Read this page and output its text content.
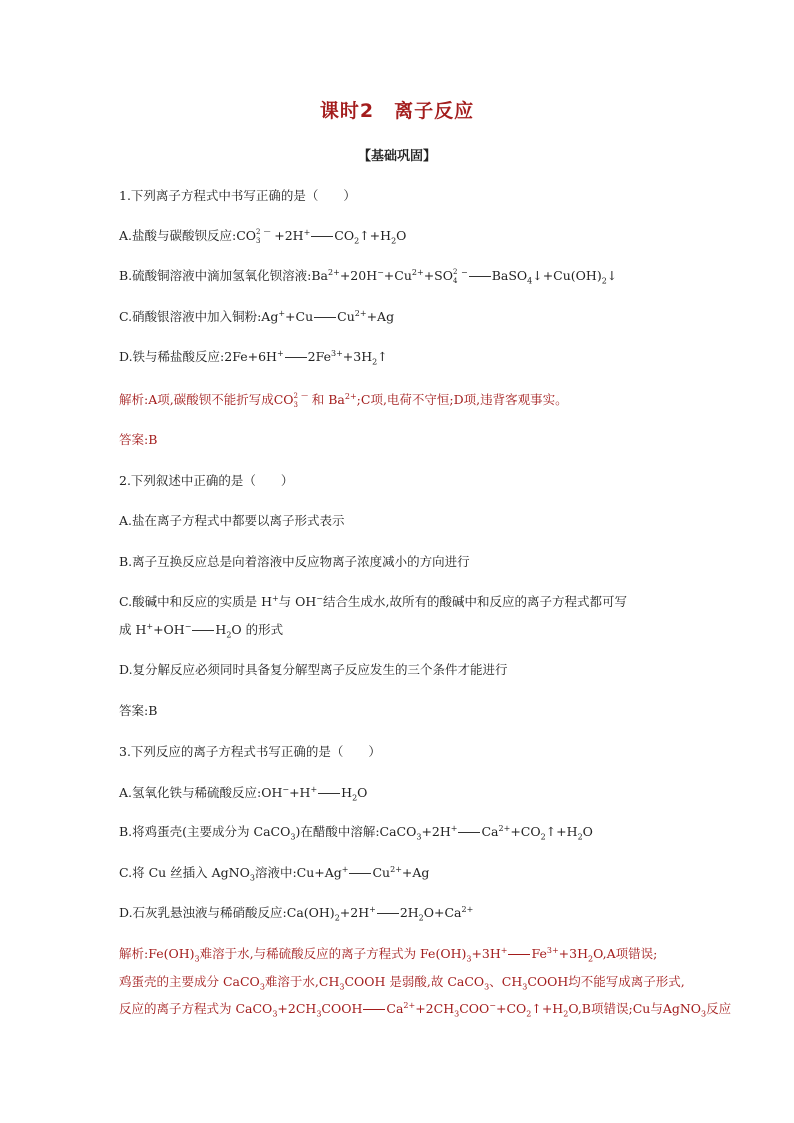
课时2　离子反应
【基础巩固】
1.下列离子方程式中书写正确的是（　　）
A.盐酸与碳酸钡反应:CO 2
3 ‾ +2H+ $CO_2↑+H_2O$
B.硫酸铜溶液中滴加氢氧化钡溶液$:Ba^{2+}+20H^-+Cu^{2+}+SO$ 2
4
− $BaSO_4↓+Cu(OH)_2↓$
C.硝酸银溶液中加入铜粉:Ag++Cu $Cu^{2+}+Ag$
D.铁与稀盐酸反应:2Fe+6H+ $2Fe^{3+}+3H_2↑$
解析:A项,碳酸钡不能折写成CO 2
3 ‾ 和 $Ba^{2+};C$项,电荷不守恒;D项,违背客观事实。
答案:B
2.下列叙述中正确的是（　　）
A.盐在离子方程式中都要以离子形式表示
B.离子互换反应总是向着溶液中反应物离子浓度减小的方向进行
C.酸碱中和反应的实质是 H+与 OH−结合生成水,故所有的酸碱中和反应的离子方程式都可写
成 H++OH− $H_2O$ 的形式
D.复分解反应必须同时具备复分解型离子反应发生的三个条件才能进行
答案:B
3.下列反应的离子方程式书写正确的是（　　）
A.氢氧化铁与稀硫酸反应:OH−+H+ $H_2O$
B.将鸡蛋壳(主要成分为 CaCO$_3$)在醋酸中溶解:CaCO$_3$+2H+ $Ca^{2+}+CO_2↑+H_2O$
C.将 Cu 丝插入 AgNO$_3$溶液中:Cu+Ag+ $Cu^{2+}+Ag$
D.石灰乳悬浊液与稀硝酸反应$:Ca(OH)_2+2H^+$ $2H_2O+Ca^{2+}$
解析$:Fe(OH)_3$难溶于水,与稀硫酸反应的离子方程式为 $Fe(OH)_3+3H^+$ $Fe^{3+}+3H_2O,A$项错误;
鸡蛋壳的主要成分 CaCO$_3$难溶于水$,CH_3COOH$ 是弱酸,故 CaCO$_3$、$CH_3COOH$均不能写成离子形式,
反应的离子方程式为 $CaCO_3+2CH_3COOH$ $Ca^{2+}+2CH_3COO^-+CO_2↑+H_2O,B$项错误;Cu与AgNO$_3$反应
